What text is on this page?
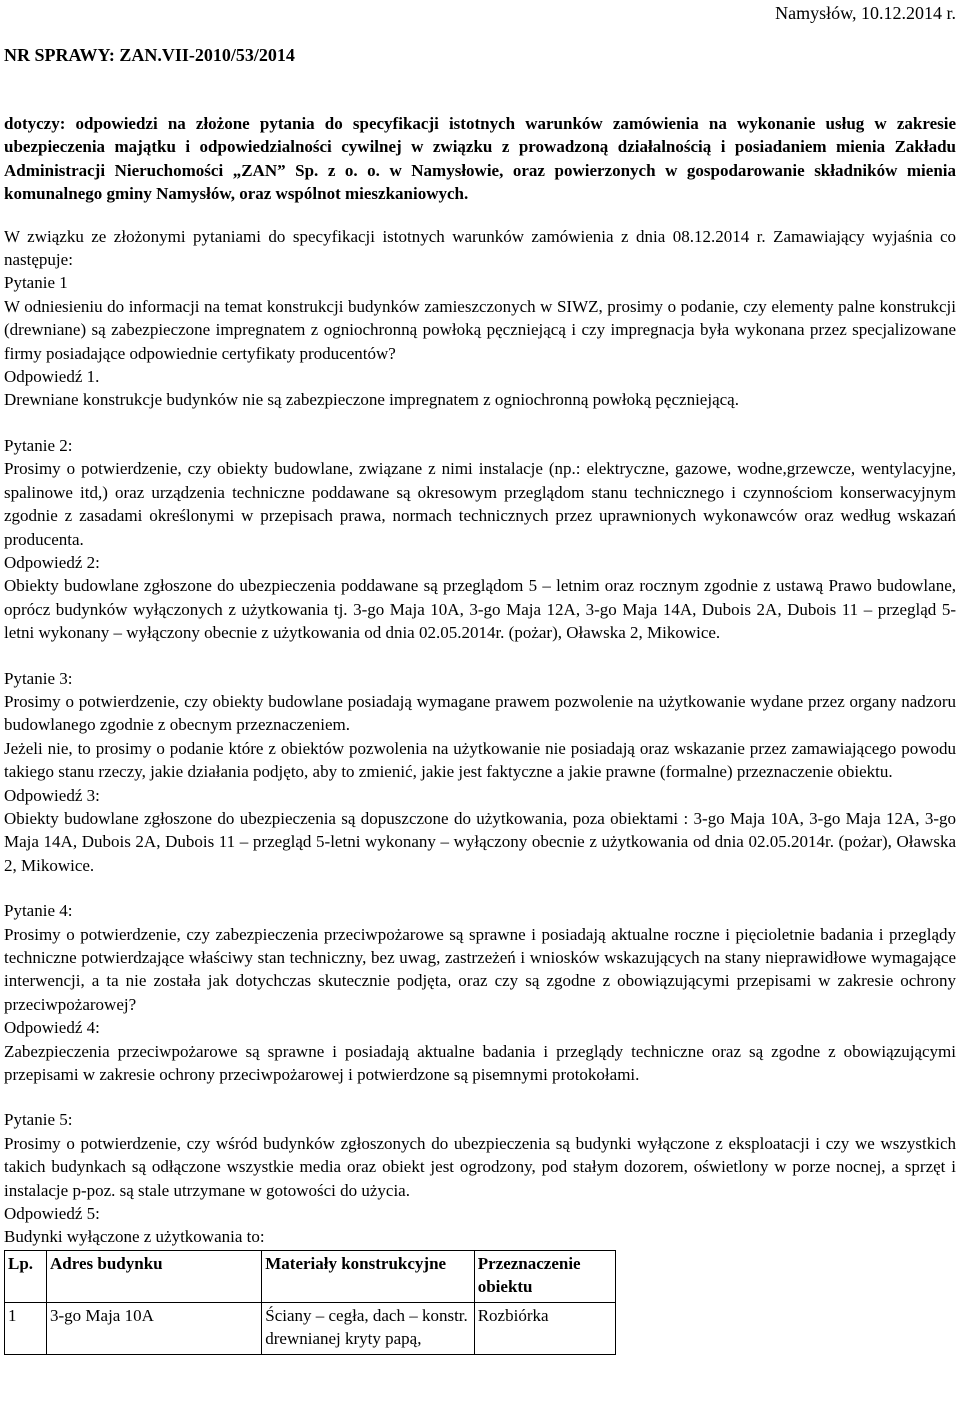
Namysłów, 10.12.2014 r.
NR SPRAWY: ZAN.VII-2010/53/2014

dotyczy: odpowiedzi na złożone pytania do specyfikacji istotnych warunków zamówienia na wykonanie usług w zakresie ubezpieczenia majątku i odpowiedzialności cywilnej w związku z prowadzoną działalnością i posiadaniem mienia Zakładu Administracji Nieruchomości „ZAN” Sp. z o. o. w Namysłowie, oraz powierzonych w gospodarowanie składników mienia komunalnego gminy Namysłów, oraz wspólnot mieszkaniowych.

W związku ze złożonymi pytaniami do specyfikacji istotnych warunków zamówienia z dnia 08.12.2014 r. Zamawiający wyjaśnia co następuje:

Pytanie 1

W odniesieniu do informacji na temat konstrukcji budynków zamieszczonych w SIWZ, prosimy o podanie, czy elementy palne konstrukcji (drewniane) są zabezpieczone impregnatem z ogniochronną powłoką pęczniejącą i czy impregnacja była wykonana przez specjalizowane firmy posiadające odpowiednie certyfikaty producentów?

Odpowiedź 1.

Drewniane konstrukcje budynków nie są zabezpieczone impregnatem z ogniochronną powłoką pęczniejącą.

Pytanie 2:

Prosimy o potwierdzenie, czy obiekty budowlane, związane z nimi instalacje (np.: elektryczne, gazowe, wodne,grzewcze, wentylacyjne, spalinowe itd,) oraz urządzenia techniczne poddawane są okresowym przeglądom stanu technicznego i czynnościom konserwacyjnym zgodnie z zasadami określonymi w przepisach prawa, normach technicznych przez uprawnionych wykonawców oraz według wskazań producenta.

Odpowiedź 2:

Obiekty budowlane zgłoszone do ubezpieczenia poddawane są przeglądom 5 – letnim oraz rocznym zgodnie z ustawą Prawo budowlane, oprócz budynków wyłączonych z użytkowania tj. 3-go Maja 10A, 3-go Maja 12A, 3-go Maja 14A, Dubois 2A, Dubois 11 – przegląd 5-letni wykonany – wyłączony obecnie z użytkowania od dnia 02.05.2014r. (pożar), Oławska 2, Mikowice.

Pytanie 3:

Prosimy o potwierdzenie, czy obiekty budowlane posiadają wymagane prawem pozwolenie na użytkowanie wydane przez organy nadzoru budowlanego zgodnie z obecnym przeznaczeniem.

Jeżeli nie, to prosimy o podanie które z obiektów pozwolenia na użytkowanie nie posiadają oraz wskazanie przez zamawiającego powodu takiego stanu rzeczy, jakie działania podjęto, aby to zmienić, jakie jest faktyczne a jakie prawne (formalne) przeznaczenie obiektu.

Odpowiedź 3:

Obiekty budowlane zgłoszone do ubezpieczenia są dopuszczone do użytkowania, poza obiektami : 3-go Maja 10A, 3-go Maja 12A, 3-go Maja 14A, Dubois 2A, Dubois 11 – przegląd 5-letni wykonany – wyłączony obecnie z użytkowania od dnia 02.05.2014r. (pożar), Oławska 2, Mikowice.

Pytanie 4:

Prosimy o potwierdzenie, czy zabezpieczenia przeciwpożarowe są sprawne i posiadają aktualne roczne i pięcioletnie badania i przeglądy techniczne potwierdzające właściwy stan techniczny, bez uwag, zastrzeżeń i wniosków wskazujących na stany nieprawidłowe wymagające interwencji, a ta nie została jak dotychczas skutecznie podjęta, oraz czy są zgodne z obowiązującymi przepisami w zakresie ochrony przeciwpożarowej?

Odpowiedź 4:

Zabezpieczenia przeciwpożarowe są sprawne i posiadają aktualne badania i przeglądy techniczne oraz są zgodne z obowiązującymi przepisami w zakresie ochrony przeciwpożarowej i potwierdzone są pisemnymi protokołami.

Pytanie 5:

Prosimy o potwierdzenie, czy wśród budynków zgłoszonych do ubezpieczenia są budynki wyłączone z eksploatacji i czy we wszystkich takich budynkach są odłączone wszystkie media oraz obiekt jest ogrodzony, pod stałym dozorem, oświetlony w porze nocnej, a sprzęt i instalacje p-poz. są stale utrzymane w gotowości do użycia.

Odpowiedź 5:

Budynki wyłączone z użytkowania to:

Lp.	Adres budynku	Materiały konstrukcyjne	Przeznaczenie obiektu
1	3-go Maja 10A	Ściany – cegła, dach – konstr. drewnianej kryty papą,	Rozbiórka
